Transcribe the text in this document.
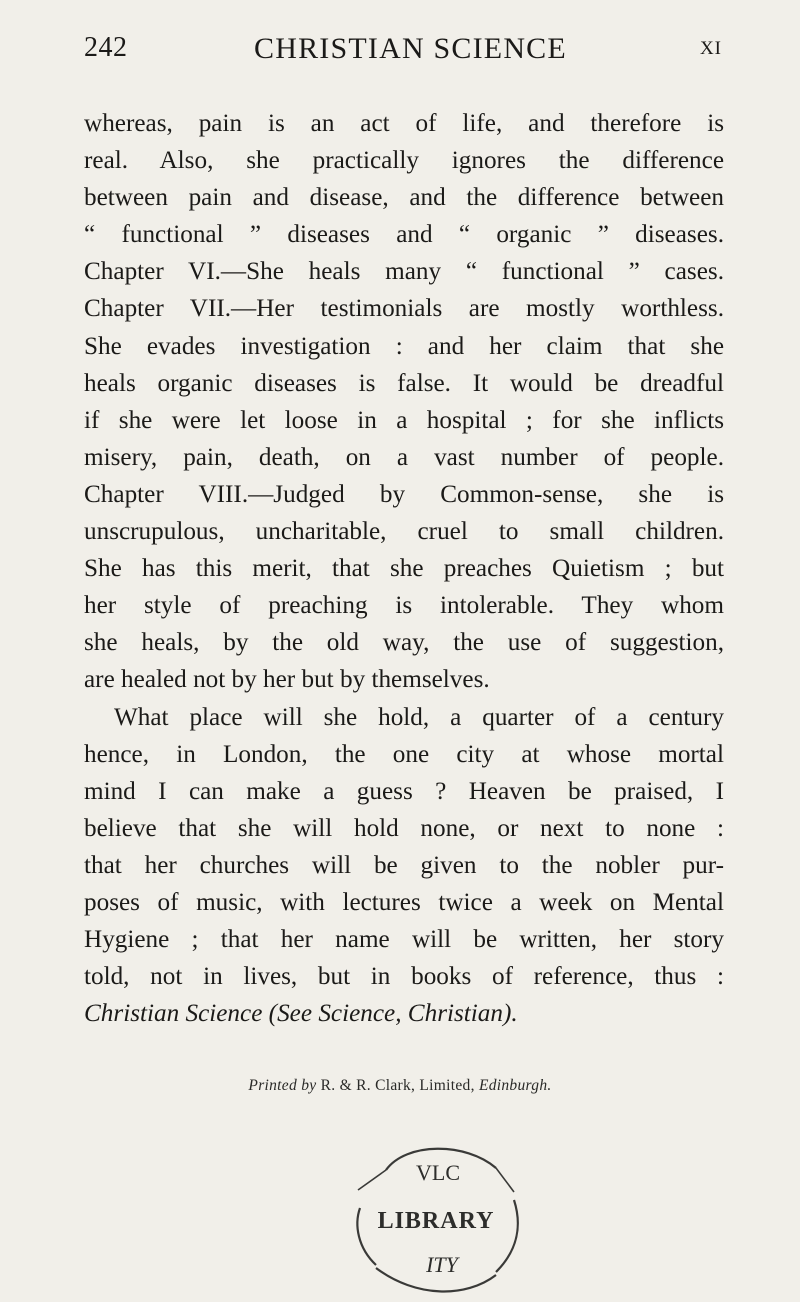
242	CHRISTIAN SCIENCE	XI
whereas, pain is an act of life, and therefore is
real. Also, she practically ignores the difference
between pain and disease, and the difference between
“ functional ” diseases and “ organic ” diseases.
Chapter VI.—She heals many “ functional ” cases.
Chapter VII.—Her testimonials are mostly worthless.
She evades investigation : and her claim that she
heals organic diseases is false. It would be dreadful
if she were let loose in a hospital ; for she inflicts
misery, pain, death, on a vast number of people.
Chapter VIII.—Judged by Common-sense, she is
unscrupulous, uncharitable, cruel to small children.
She has this merit, that she preaches Quietism ; but
her style of preaching is intolerable. They whom
she heals, by the old way, the use of suggestion,
are healed not by her but by themselves.
What place will she hold, a quarter of a century
hence, in London, the one city at whose mortal
mind I can make a guess ? Heaven be praised, I
believe that she will hold none, or next to none :
that her churches will be given to the nobler pur-
poses of music, with lectures twice a week on Mental
Hygiene ; that her name will be written, her story
told, not in lives, but in books of reference, thus :
Christian Science (See Science, Christian).
Printed by R. & R. Clark, Limited, Edinburgh.
VLC
LIBRARY
ITY
